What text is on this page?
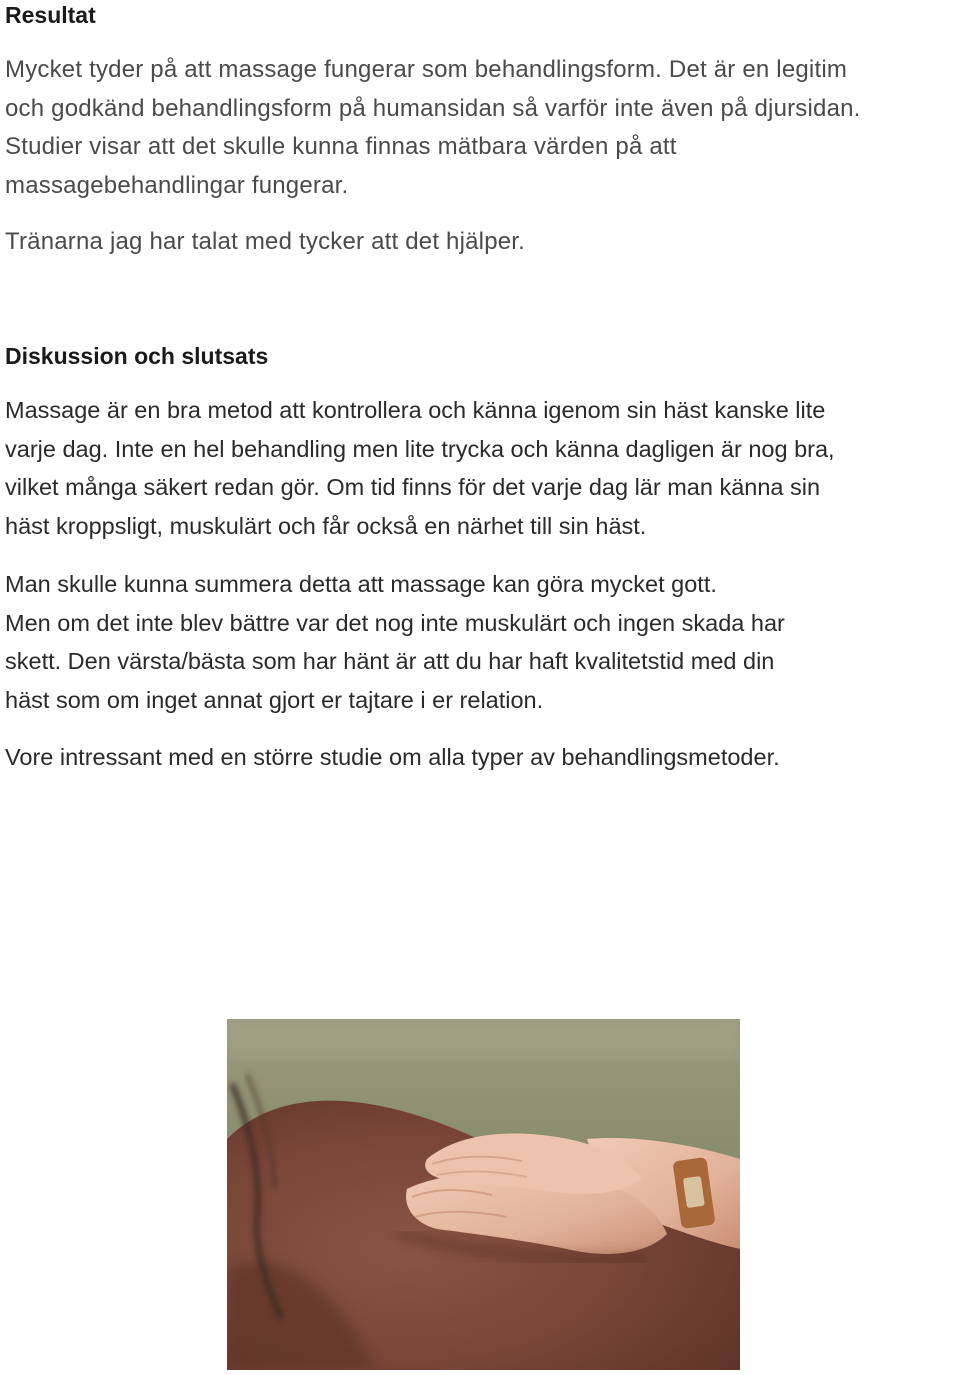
Resultat
Mycket tyder på att massage fungerar som behandlingsform. Det är en legitim
och godkänd behandlingsform på humansidan så varför inte även på djursidan.
Studier visar att det skulle kunna finnas mätbara värden på att
massagebehandlingar fungerar.
Tränarna jag har talat med tycker att det hjälper.
Diskussion och slutsats
Massage är en bra metod att kontrollera och känna igenom sin häst kanske lite
varje dag. Inte en hel behandling men lite trycka och känna dagligen är nog bra,
vilket många säkert redan gör. Om tid finns för det varje dag lär man känna sin
häst kroppsligt, muskulärt och får också en närhet till sin häst.
Man skulle kunna summera detta att massage kan göra mycket gott.
Men om det inte blev bättre var det nog inte muskulärt och ingen skada har
skett. Den värsta/bästa som har hänt är att du har haft kvalitetstid med din
häst som om inget annat gjort er tajtare i er relation.
Vore intressant med en större studie om alla typer av behandlingsmetoder.
